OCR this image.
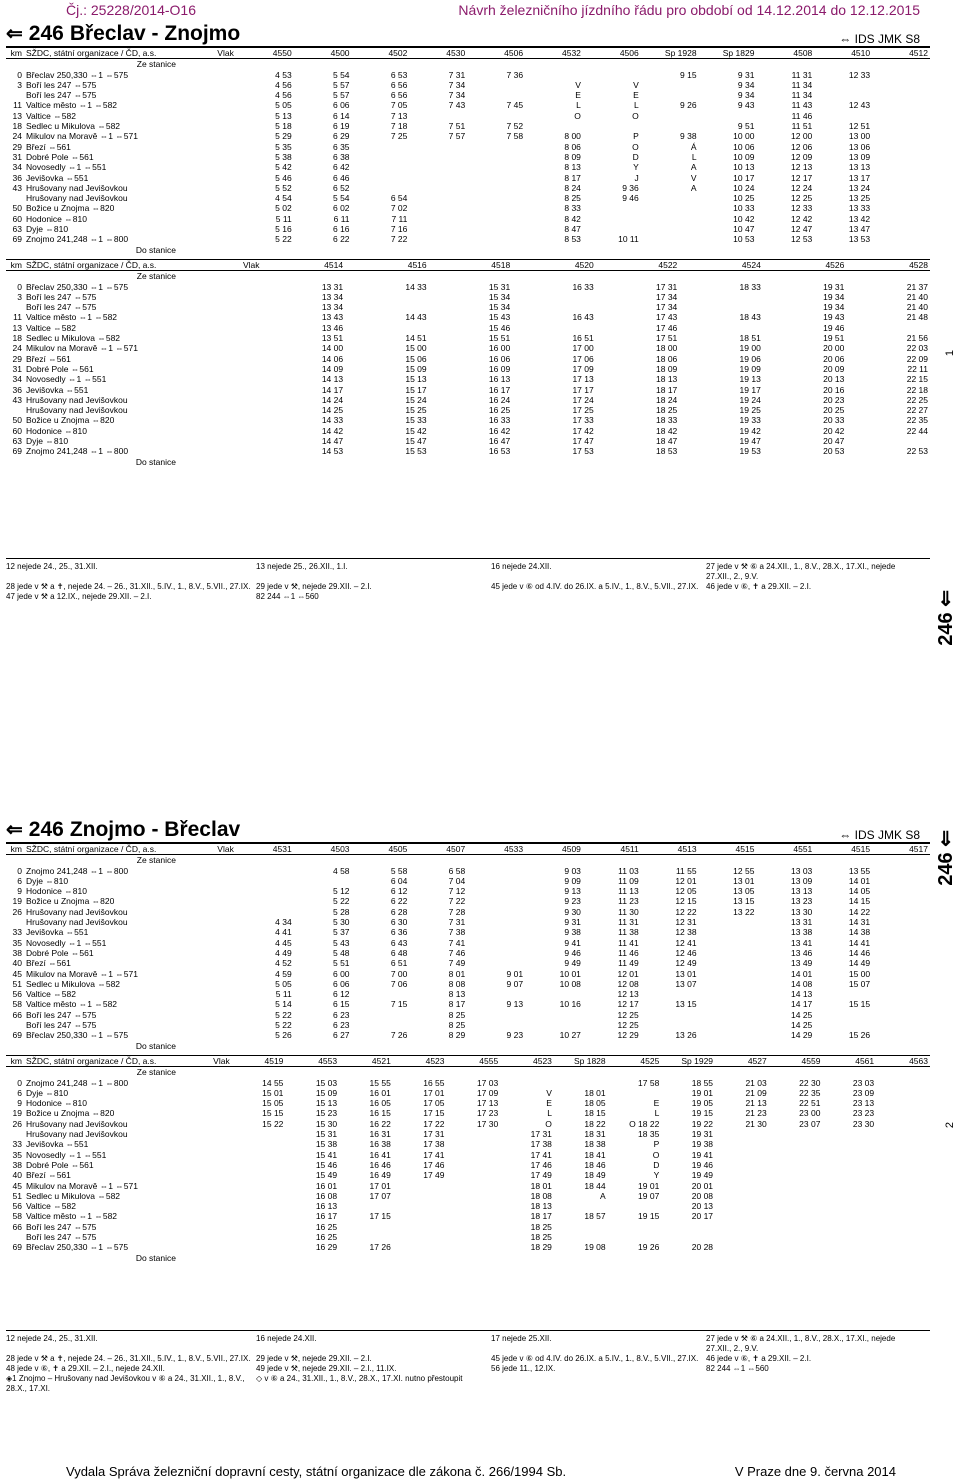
Čj.: 25228/2014-O16	Návrh železničního jízdního řádu pro období od 14.12.2014 do 12.12.2015
⇐ 246 Břeclav - Znojmo	⇔ IDS JMK S8
km	SŽDC, státní organizace / ČD, a.s.	Vlak	4550	4500	4502	4530	4506	4532	4506	Sp 1928	Sp 1829	4508	4510	4512
	Ze stanice													
0	Břeclav 250,330 ⇔1 ⇔575		4 53	5 54	6 53	7 31	7 36			9 15	9 31	11 31	12 33	
3	Boří les 247 ⇔575		4 56	5 57	6 56	7 34		V	V		9 34	11 34		
	Boří les 247 ⇔575		4 56	5 57	6 56	7 34		E	E		9 34	11 34		
11	Valtice město ⇔1 ⇔582		5 05	6 06	7 05	7 43	7 45	L	L	9 26	9 43	11 43	12 43	
13	Valtice ⇔582		5 13	6 14	7 13			O	O			11 46		
18	Sedlec u Mikulova ⇔582		5 18	6 19	7 18	7 51	7 52				9 51	11 51	12 51	
24	Mikulov na Moravě ⇔1 ⇔571		5 29	6 29	7 25	7 57	7 58	8 00	P	9 38	10 00	12 00	13 00	
29	Březí ⇔561		5 35	6 35				8 06	O	Á	10 06	12 06	13 06	
31	Dobré Pole ⇔561		5 38	6 38				8 09	D	L	10 09	12 09	13 09	
34	Novosedly ⇔1 ⇔551		5 42	6 42				8 13	Y	A	10 13	12 13	13 13	
36	Jevišovka ⇔551		5 46	6 46				8 17	J	V	10 17	12 17	13 17	
43	Hrušovany nad Jevišovkou		5 52	6 52				8 24	9 36	A	10 24	12 24	13 24	
	Hrušovany nad Jevišovkou		4 54	5 54	6 54			8 25	9 46		10 25	12 25	13 25	
50	Božice u Znojma ⇔820		5 02	6 02	7 02			8 33			10 33	12 33	13 33	
60	Hodonice ⇔810		5 11	6 11	7 11			8 42			10 42	12 42	13 42	
63	Dyje ⇔810		5 16	6 16	7 16			8 47			10 47	12 47	13 47	
69	Znojmo 241,248 ⇔1 ⇔800		5 22	6 22	7 22			8 53	10 11		10 53	12 53	13 53	
	Do stanice													
km	SŽDC, státní organizace / ČD, a.s.	Vlak	4514	4516	4518	4520	4522	4524	4526	4528
	Ze stanice									
0	Břeclav 250,330 ⇔1 ⇔575		13 31	14 33	15 31	16 33	17 31	18 33	19 31	21 37
3	Boří les 247 ⇔575		13 34		15 34		17 34		19 34	21 40
	Boří les 247 ⇔575		13 34		15 34		17 34		19 34	21 40
11	Valtice město ⇔1 ⇔582		13 43	14 43	15 43	16 43	17 43	18 43	19 43	21 48
13	Valtice ⇔582		13 46		15 46		17 46		19 46	
18	Sedlec u Mikulova ⇔582		13 51	14 51	15 51	16 51	17 51	18 51	19 51	21 56
24	Mikulov na Moravě ⇔1 ⇔571		14 00	15 00	16 00	17 00	18 00	19 00	20 00	22 03
29	Březí ⇔561		14 06	15 06	16 06	17 06	18 06	19 06	20 06	22 09
31	Dobré Pole ⇔561		14 09	15 09	16 09	17 09	18 09	19 09	20 09	22 11
34	Novosedly ⇔1 ⇔551		14 13	15 13	16 13	17 13	18 13	19 13	20 13	22 15
36	Jevišovka ⇔551		14 17	15 17	16 17	17 17	18 17	19 17	20 16	22 18
43	Hrušovany nad Jevišovkou		14 24	15 24	16 24	17 24	18 24	19 24	20 23	22 25
	Hrušovany nad Jevišovkou		14 25	15 25	16 25	17 25	18 25	19 25	20 25	22 27
50	Božice u Znojma ⇔820		14 33	15 33	16 33	17 33	18 33	19 33	20 33	22 35
60	Hodonice ⇔810		14 42	15 42	16 42	17 42	18 42	19 42	20 42	22 44
63	Dyje ⇔810		14 47	15 47	16 47	17 47	18 47	19 47	20 47	
69	Znojmo 241,248 ⇔1 ⇔800		14 53	15 53	16 53	17 53	18 53	19 53	20 53	22 53
	Do stanice									
12 nejede 24., 25., 31.XII.	13 nejede 25., 26.XII., 1.I.	16 nejede 24.XII.	27 jede v ⚒ ⑥ a 24.XII., 1., 8.V., 28.X., 17.XI., nejede 27.XII., 2., 9.V.
28 jede v ⚒ a ✝, nejede 24. – 26., 31.XII., 5.IV., 1., 8.V., 5.VII., 27.IX. 29 jede v ⚒, nejede 29.XII. – 2.I.	45 jede v ⑥ od 4.IV. do 26.IX. a 5.IV., 1., 8.V., 5.VII., 27.IX. 46 jede v ⑥, ✝ a 29.XII. – 2.I.
47 jede v ⚒ a 12.IX., nejede 29.XII. – 2.I.	82 244 ⇔1 ⇔560
⇐ 246 Znojmo - Břeclav	⇔ IDS JMK S8
km	SŽDC, státní organizace / ČD, a.s.	Vlak	4531	4503	4505	4507	4533	4509	4511	4513	4515	4551	4515	4517
	Ze stanice													
0	Znojmo 241,248 ⇔1 ⇔800			4 58	5 58	6 58		9 03	11 03	11 55	12 55	13 03	13 55	
6	Dyje ⇔810				6 04	7 04		9 09	11 09	12 01	13 01	13 09	14 01	
9	Hodonice ⇔810			5 12	6 12	7 12		9 13	11 13	12 05	13 05	13 13	14 05	
19	Božice u Znojma ⇔820			5 22	6 22	7 22		9 23	11 23	12 15	13 15	13 23	14 15	
26	Hrušovany nad Jevišovkou			5 28	6 28	7 28		9 30	11 30	12 22	13 22	13 30	14 22	
	Hrušovany nad Jevišovkou		4 34	5 30	6 30	7 31		9 31	11 31	12 31		13 31	14 31	
33	Jevišovka ⇔551		4 41	5 37	6 36	7 38		9 38	11 38	12 38		13 38	14 38	
35	Novosedly ⇔1 ⇔551		4 45	5 43	6 43	7 41		9 41	11 41	12 41		13 41	14 41	
38	Dobré Pole ⇔561		4 49	5 48	6 48	7 46		9 46	11 46	12 46		13 46	14 46	
40	Březí ⇔561		4 52	5 51	6 51	7 49		9 49	11 49	12 49		13 49	14 49	
45	Mikulov na Moravě ⇔1 ⇔571		4 59	6 00	7 00	8 01	9 01	10 01	12 01	13 01		14 01	15 00	
51	Sedlec u Mikulova ⇔582		5 05	6 06	7 06	8 08	9 07	10 08	12 08	13 07		14 08	15 07	
56	Valtice ⇔582		5 11	6 12		8 13			12 13			14 13		
58	Valtice město ⇔1 ⇔582		5 14	6 15	7 15	8 17	9 13	10 16	12 17	13 15		14 17	15 15	
66	Boří les 247 ⇔575		5 22	6 23		8 25			12 25			14 25		
	Boří les 247 ⇔575		5 22	6 23		8 25			12 25			14 25		
69	Břeclav 250,330 ⇔1 ⇔575		5 26	6 27	7 26	8 29	9 23	10 27	12 29	13 26		14 29	15 26	
	Do stanice													
km	SŽDC, státní organizace / ČD, a.s.	Vlak	4519	4553	4521	4523	4555	4523	Sp 1828	4525	Sp 1929	4527	4559	4561	4563
	Ze stanice														
0	Znojmo 241,248 ⇔1 ⇔800		14 55	15 03	15 55	16 55	17 03			17 58	18 55	21 03	22 30	23 03	
6	Dyje ⇔810		15 01	15 09	16 01	17 01	17 09	V	18 01		19 01	21 09	22 35	23 09	
9	Hodonice ⇔810		15 05	15 13	16 05	17 05	17 13	E	18 05	E	19 05	21 13	22 51	23 13	
19	Božice u Znojma ⇔820		15 15	15 23	16 15	17 15	17 23	L	18 15	L	19 15	21 23	23 00	23 23	
26	Hrušovany nad Jevišovkou		15 22	15 30	16 22	17 22	17 30	O	18 22	O 18 22	19 22	21 30	23 07	23 30	
	Hrušovany nad Jevišovkou			15 31	16 31	17 31		17 31	18 31	18 35	19 31				
33	Jevišovka ⇔551			15 38	16 38	17 38		17 38	18 38	P	19 38				
35	Novosedly ⇔1 ⇔551			15 41	16 41	17 41		17 41	18 41	O	19 41				
38	Dobré Pole ⇔561			15 46	16 46	17 46		17 46	18 46	D	19 46				
40	Březí ⇔561			15 49	16 49	17 49		17 49	18 49	Y	19 49				
45	Mikulov na Moravě ⇔1 ⇔571			16 01	17 01			18 01	18 44	19 01	20 01				
51	Sedlec u Mikulova ⇔582			16 08	17 07			18 08	A	19 07	20 08				
56	Valtice ⇔582			16 13				18 13			20 13				
58	Valtice město ⇔1 ⇔582			16 17	17 15			18 17	18 57	19 15	20 17				
66	Boří les 247 ⇔575			16 25				18 25							
	Boří les 247 ⇔575			16 25				18 25							
69	Břeclav 250,330 ⇔1 ⇔575			16 29	17 26			18 29	19 08	19 26	20 28				
	Do stanice														
12 nejede 24., 25., 31.XII.	16 nejede 24.XII.	17 nejede 25.XII.	27 jede v ⚒ ⑥ a 24.XII., 1., 8.V., 28.X., 17.XI., nejede 27.XII., 2., 9.V.
28 jede v ⚒ a ✝, nejede 24. – 26., 31.XII., 5.IV., 1., 8.V., 5.VII., 27.IX. 29 jede v ⚒, nejede 29.XII. – 2.I.	45 jede v ⑥ od 4.IV. do 26.IX. a 5.IV., 1., 8.V., 5.VII., 27.IX. 46 jede v ⑥, ✝ a 29.XII. – 2.I.
48 jede v ⑥, ✝ a 29.XII. – 2.I., nejede 24.XII.	49 jede v ⚒, nejede 29.XII. – 2.I., 11.IX.	56 jede 11., 12.IX.	82 244 ⇔1 ⇔560
◈1 Znojmo – Hrušovany nad Jevišovkou v ⑥ a 24., 31.XII., 1., 8.V., 28.X., 17.XI.
◇ v ⑥ a 24., 31.XII., 1., 8.V., 28.X., 17.XI. nutno přestoupit
246 ⇐
1
246 ⇐
2
Vydala Správa železniční dopravní cesty, státní organizace dle zákona č. 266/1994 Sb.	V Praze dne 9. června 2014
